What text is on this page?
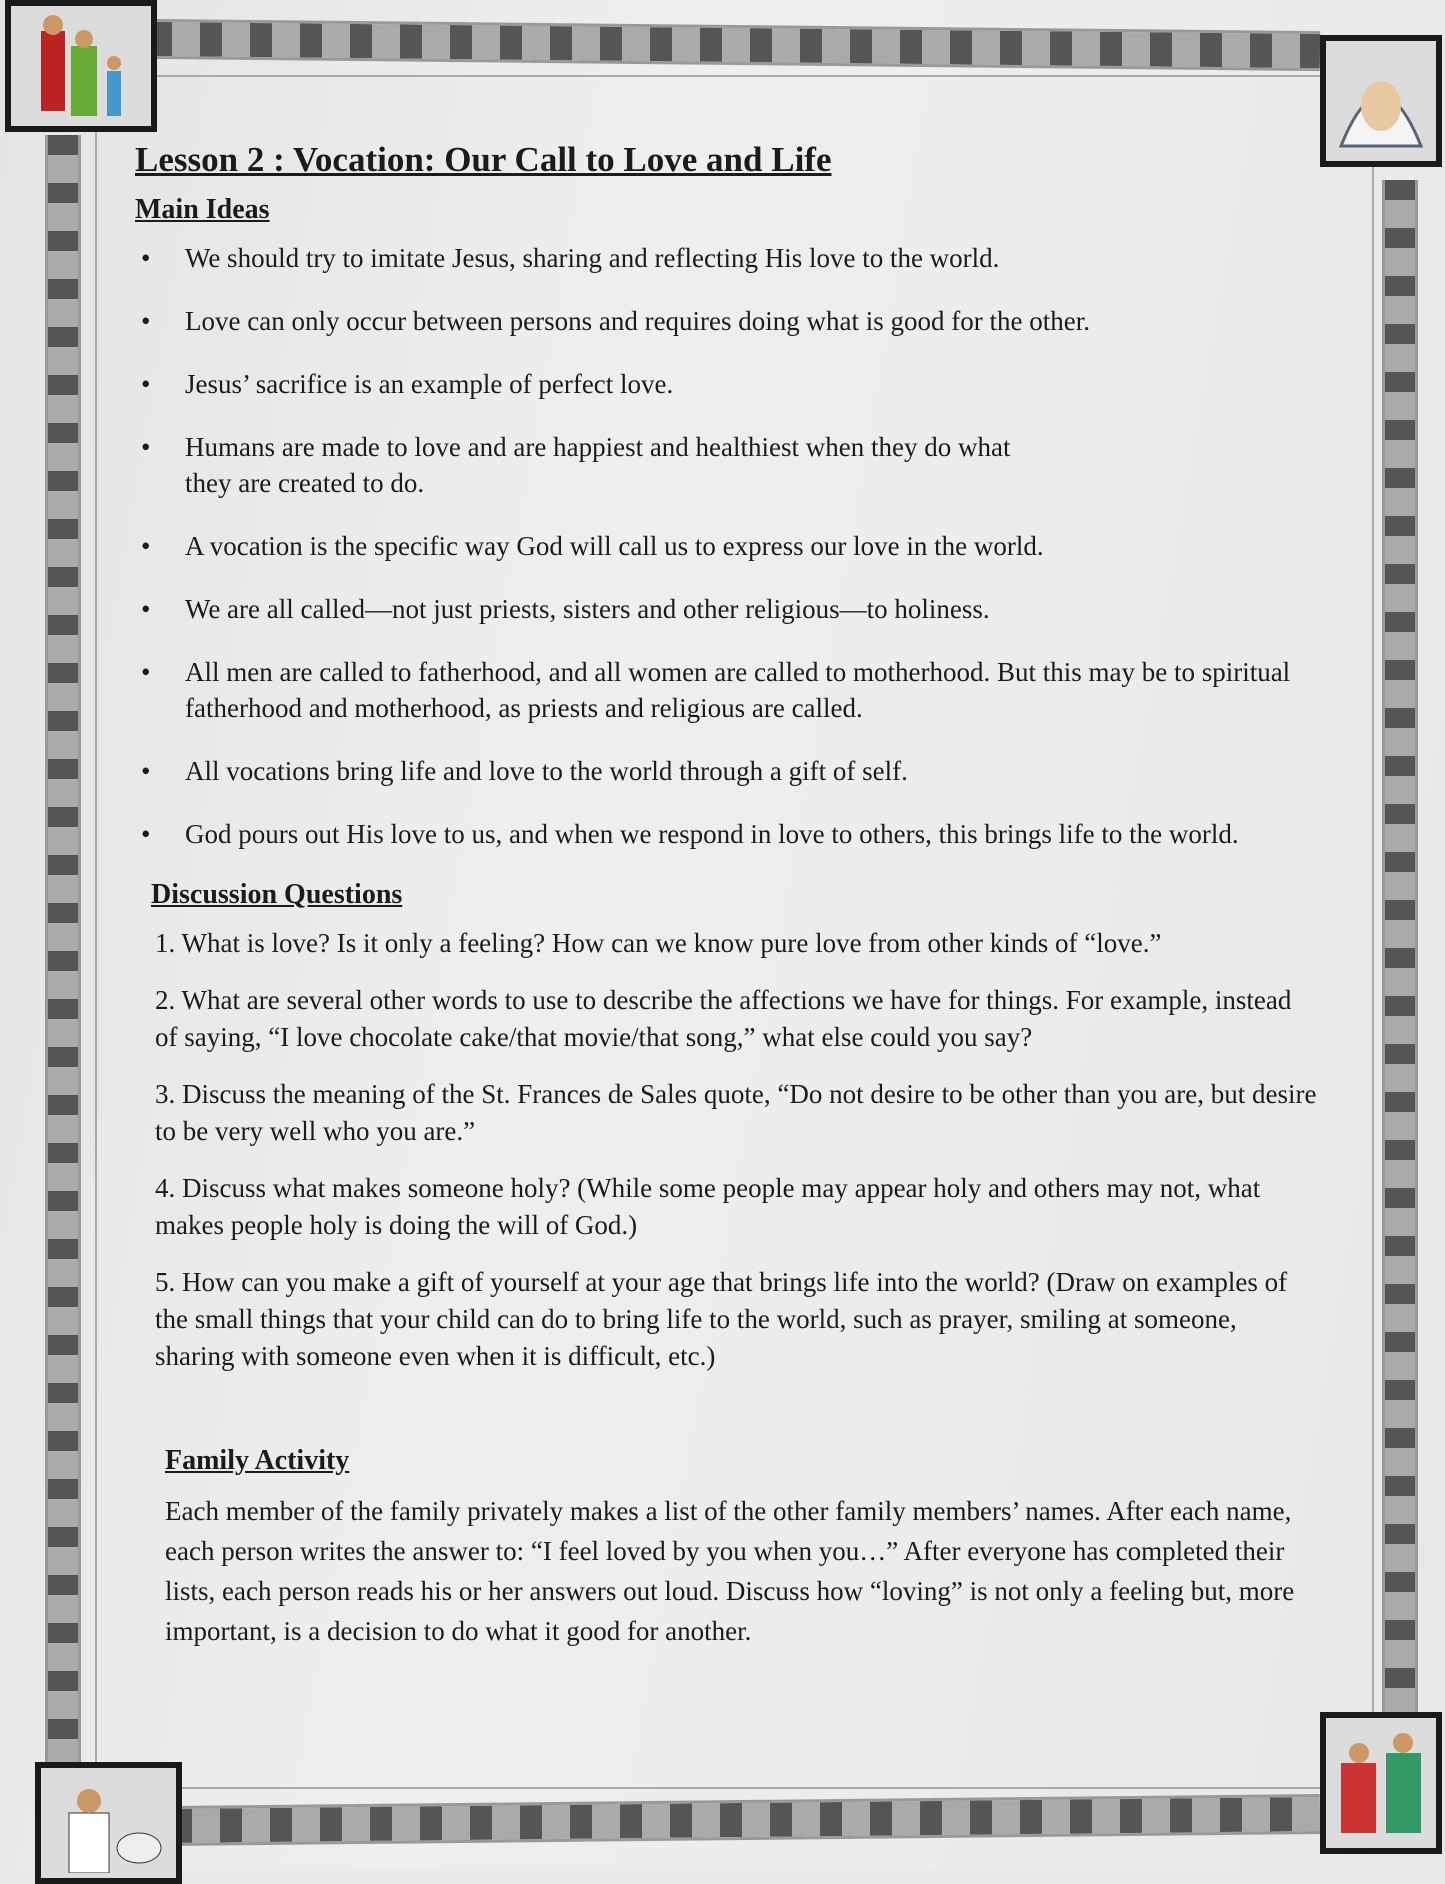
Lesson 2 : Vocation: Our Call to Love and Life
Main Ideas
• We should try to imitate Jesus, sharing and reflecting His love to the world.
• Love can only occur between persons and requires doing what is good for the other.
• Jesus’ sacrifice is an example of perfect love.
• Humans are made to love and are happiest and healthiest when they do what they are created to do.
• A vocation is the specific way God will call us to express our love in the world.
• We are all called—not just priests, sisters and other religious—to holiness.
• All men are called to fatherhood, and all women are called to motherhood. But this may be to spiritual fatherhood and motherhood, as priests and religious are called.
• All vocations bring life and love to the world through a gift of self.
• God pours out His love to us, and when we respond in love to others, this brings life to the world.
Discussion Questions
1. What is love? Is it only a feeling? How can we know pure love from other kinds of “love.”
2. What are several other words to use to describe the affections we have for things. For example, instead of saying, “I love chocolate cake/that movie/that song,” what else could you say?
3. Discuss the meaning of the St. Frances de Sales quote, “Do not desire to be other than you are, but desire to be very well who you are.”
4. Discuss what makes someone holy? (While some people may appear holy and others may not, what makes people holy is doing the will of God.)
5. How can you make a gift of yourself at your age that brings life into the world? (Draw on examples of the small things that your child can do to bring life to the world, such as prayer, smiling at someone, sharing with someone even when it is difficult, etc.)
Family Activity

Each member of the family privately makes a list of the other family members’ names. After each name, each person writes the answer to: “I feel loved by you when you…” After everyone has completed their lists, each person reads his or her answers out loud. Discuss how “loving” is not only a feeling but, more important, is a decision to do what it good for another.
